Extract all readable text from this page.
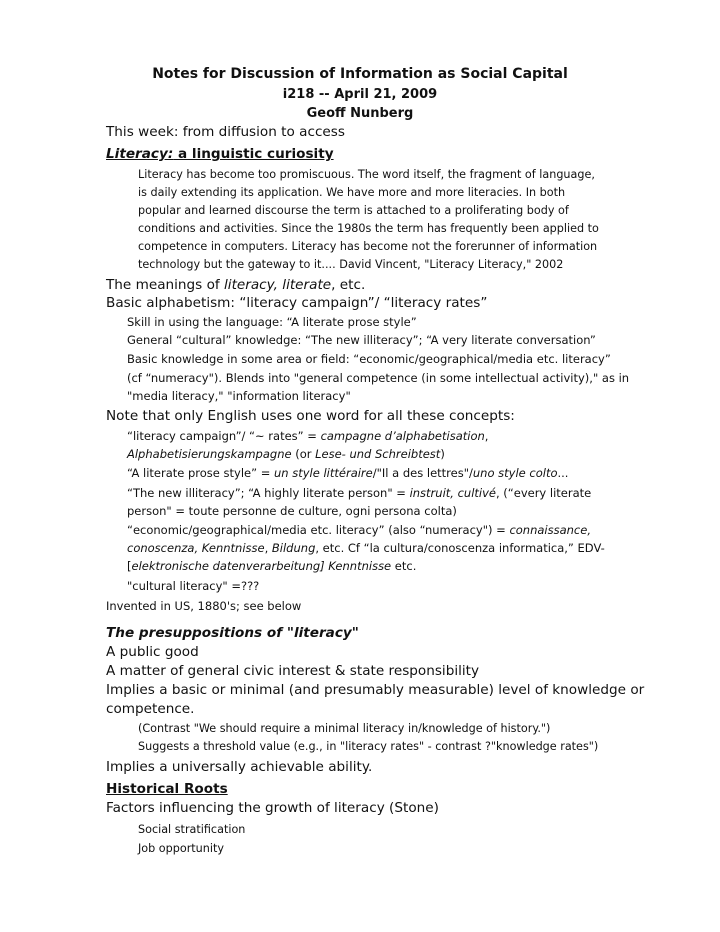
Notes for Discussion of Information as Social Capital
i218 -- April 21, 2009
Geoff Nunberg
This week: from diffusion to access
Literacy: a linguistic curiosity
Literacy has become too promiscuous. The word itself, the fragment of language,
is daily extending its application. We have more and more literacies. In both
popular and learned discourse the term is attached to a proliferating body of
conditions and activities. Since the 1980s the term has frequently been applied to
competence in computers. Literacy has become not the forerunner of information
technology but the gateway to it.... David Vincent, "Literacy Literacy," 2002
The meanings of literacy, literate, etc.
Basic alphabetism: “literacy campaign”/ “literacy rates”
Skill in using the language: “A literate prose style”
General “cultural” knowledge: “The new illiteracy”; “A very literate conversation”
Basic knowledge in some area or field: “economic/geographical/media etc. literacy”
(cf “numeracy"). Blends into "general competence (in some intellectual activity)," as in
"media literacy," "information literacy"
Note that only English uses one word for all these concepts:
“literacy campaign”/ “~ rates” = campagne d’alphabetisation,
Alphabetisierungskampagne (or Lese- und Schreibtest)
“A literate prose style” = un style littéraire/"Il a des lettres"/uno style colto...
“The new illiteracy”; “A highly literate person" = instruit, cultivé, (“every literate
person" = toute personne de culture, ogni persona colta)
“economic/geographical/media etc. literacy” (also “numeracy") = connaissance,
conoscenza, Kenntnisse, Bildung, etc. Cf “la cultura/conoscenza informatica,” EDV-
[elektronische datenverarbeitung] Kenntnisse etc.
"cultural literacy" =???
Invented in US, 1880's; see below
The presuppositions of "literacy"
A public good
A matter of general civic interest & state responsibility
Implies a basic or minimal (and presumably measurable) level of knowledge or
competence.
(Contrast "We should require a minimal literacy in/knowledge of history.")
Suggests a threshold value (e.g., in "literacy rates" - contrast ?"knowledge rates")
Implies a universally achievable ability.
Historical Roots
Factors influencing the growth of literacy (Stone)
Social stratification
Job opportunity
